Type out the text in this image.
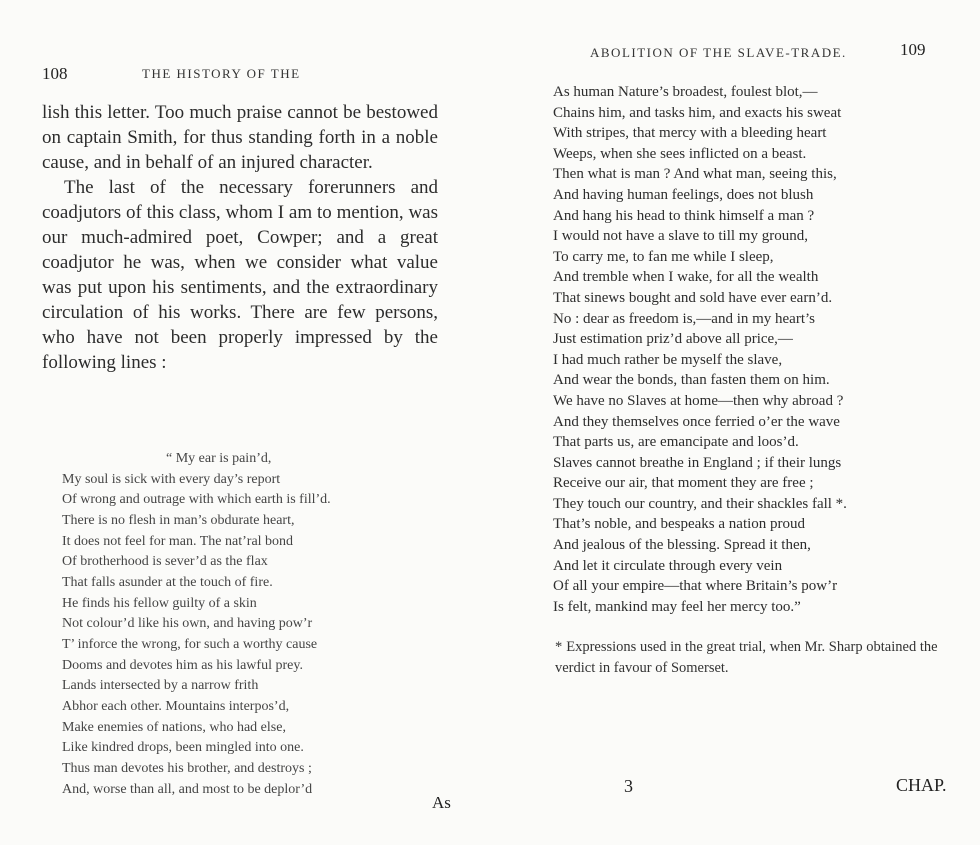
108	THE HISTORY OF THE

lish this letter. Too much praise cannot be bestowed on captain Smith, for thus standing forth in a noble cause, and in behalf of an injured character.

The last of the necessary forerunners and coadjutors of this class, whom I am to mention, was our much-admired poet, Cowper; and a great coadjutor he was, when we consider what value was put upon his sentiments, and the extraordinary circulation of his works. There are few persons, who have not been properly impressed by the following lines :

“ My ear is pain’d,
My soul is sick with every day’s report
Of wrong and outrage with which earth is fill’d.
There is no flesh in man’s obdurate heart,
It does not feel for man. The nat’ral bond
Of brotherhood is sever’d as the flax
That falls asunder at the touch of fire.
He finds his fellow guilty of a skin
Not colour’d like his own, and having pow’r
T’ inforce the wrong, for such a worthy cause
Dooms and devotes him as his lawful prey.
Lands intersected by a narrow frith
Abhor each other. Mountains interpos’d,
Make enemies of nations, who had else,
Like kindred drops, been mingled into one.
Thus man devotes his brother, and destroys ;
And, worse than all, and most to be deplor’d
As
ABOLITION OF THE SLAVE-TRADE.	109
As human Nature’s broadest, foulest blot,—
Chains him, and tasks him, and exacts his sweat
With stripes, that mercy with a bleeding heart
Weeps, when she sees inflicted on a beast.
Then what is man ? And what man, seeing this,
And having human feelings, does not blush
And hang his head to think himself a man ?
I would not have a slave to till my ground,
To carry me, to fan me while I sleep,
And tremble when I wake, for all the wealth
That sinews bought and sold have ever earn’d.
No : dear as freedom is,—and in my heart’s
Just estimation priz’d above all price,—
I had much rather be myself the slave,
And wear the bonds, than fasten them on him.
We have no Slaves at home—then why abroad ?
And they themselves once ferried o’er the wave
That parts us, are emancipate and loos’d.
Slaves cannot breathe in England ; if their lungs
Receive our air, that moment they are free ;
They touch our country, and their shackles fall *.
That’s noble, and bespeaks a nation proud
And jealous of the blessing. Spread it then,
And let it circulate through every vein
Of all your empire—that where Britain’s pow’r
Is felt, mankind may feel her mercy too.”
* Expressions used in the great trial, when Mr. Sharp obtained the verdict in favour of Somerset.
3	CHAP.
